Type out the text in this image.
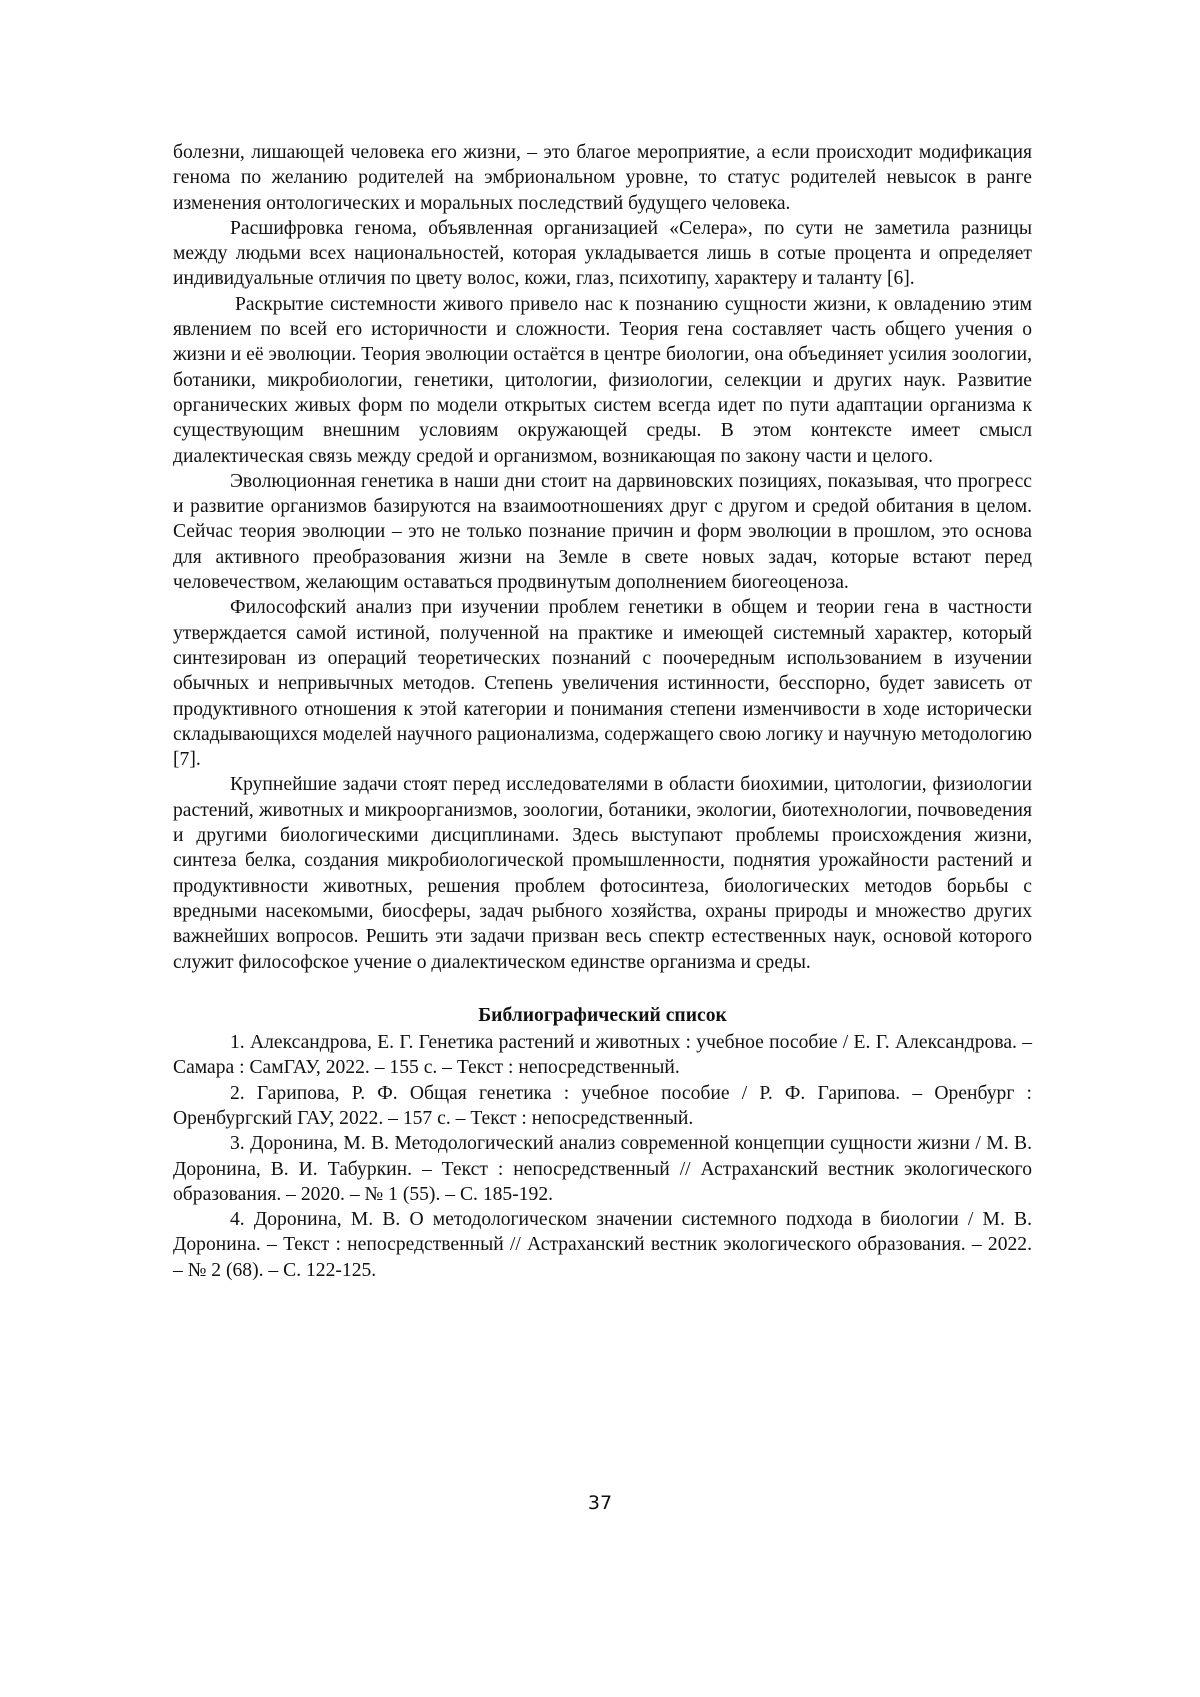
болезни, лишающей человека его жизни, – это благое мероприятие, а если происходит модификация генома по желанию родителей на эмбриональном уровне, то статус родителей невысок в ранге изменения онтологических и моральных последствий будущего человека.

Расшифровка генома, объявленная организацией «Селера», по сути не заметила разницы между людьми всех национальностей, которая укладывается лишь в сотые процента и определяет индивидуальные отличия по цвету волос, кожи, глаз, психотипу, характеру и таланту [6].

Раскрытие системности живого привело нас к познанию сущности жизни, к овладению этим явлением по всей его историчности и сложности. Теория гена составляет часть общего учения о жизни и её эволюции. Теория эволюции остаётся в центре биологии, она объединяет усилия зоологии, ботаники, микробиологии, генетики, цитологии, физиологии, селекции и других наук. Развитие органических живых форм по модели открытых систем всегда идет по пути адаптации организма к существующим внешним условиям окружающей среды. В этом контексте имеет смысл диалектическая связь между средой и организмом, возникающая по закону части и целого.

Эволюционная генетика в наши дни стоит на дарвиновских позициях, показывая, что прогресс и развитие организмов базируются на взаимоотношениях друг с другом и средой обитания в целом. Сейчас теория эволюции – это не только познание причин и форм эволюции в прошлом, это основа для активного преобразования жизни на Земле в свете новых задач, которые встают перед человечеством, желающим оставаться продвинутым дополнением биогеоценоза.

Философский анализ при изучении проблем генетики в общем и теории гена в частности утверждается самой истиной, полученной на практике и имеющей системный характер, который синтезирован из операций теоретических познаний с поочередным использованием в изучении обычных и непривычных методов. Степень увеличения истинности, бесспорно, будет зависеть от продуктивного отношения к этой категории и понимания степени изменчивости в ходе исторически складывающихся моделей научного рационализма, содержащего свою логику и научную методологию [7].

Крупнейшие задачи стоят перед исследователями в области биохимии, цитологии, физиологии растений, животных и микроорганизмов, зоологии, ботаники, экологии, биотехнологии, почвоведения и другими биологическими дисциплинами. Здесь выступают проблемы происхождения жизни, синтеза белка, создания микробиологической промышленности, поднятия урожайности растений и продуктивности животных, решения проблем фотосинтеза, биологических методов борьбы с вредными насекомыми, биосферы, задач рыбного хозяйства, охраны природы и множество других важнейших вопросов. Решить эти задачи призван весь спектр естественных наук, основой которого служит философское учение о диалектическом единстве организма и среды.

Библиографический список

1. Александрова, Е. Г. Генетика растений и животных : учебное пособие / Е. Г. Александрова. – Самара : СамГАУ, 2022. – 155 с. – Текст : непосредственный.

2. Гарипова, Р. Ф. Общая генетика : учебное пособие / Р. Ф. Гарипова. – Оренбург : Оренбургский ГАУ, 2022. – 157 с. – Текст : непосредственный.

3. Доронина, М. В. Методологический анализ современной концепции сущности жизни / М. В. Доронина, В. И. Табуркин. – Текст : непосредственный // Астраханский вестник экологического образования. – 2020. – № 1 (55). – С. 185-192.

4. Доронина, М. В. О методологическом значении системного подхода в биологии / М. В. Доронина. – Текст : непосредственный // Астраханский вестник экологического образования. – 2022. – № 2 (68). – С. 122-125.

37
